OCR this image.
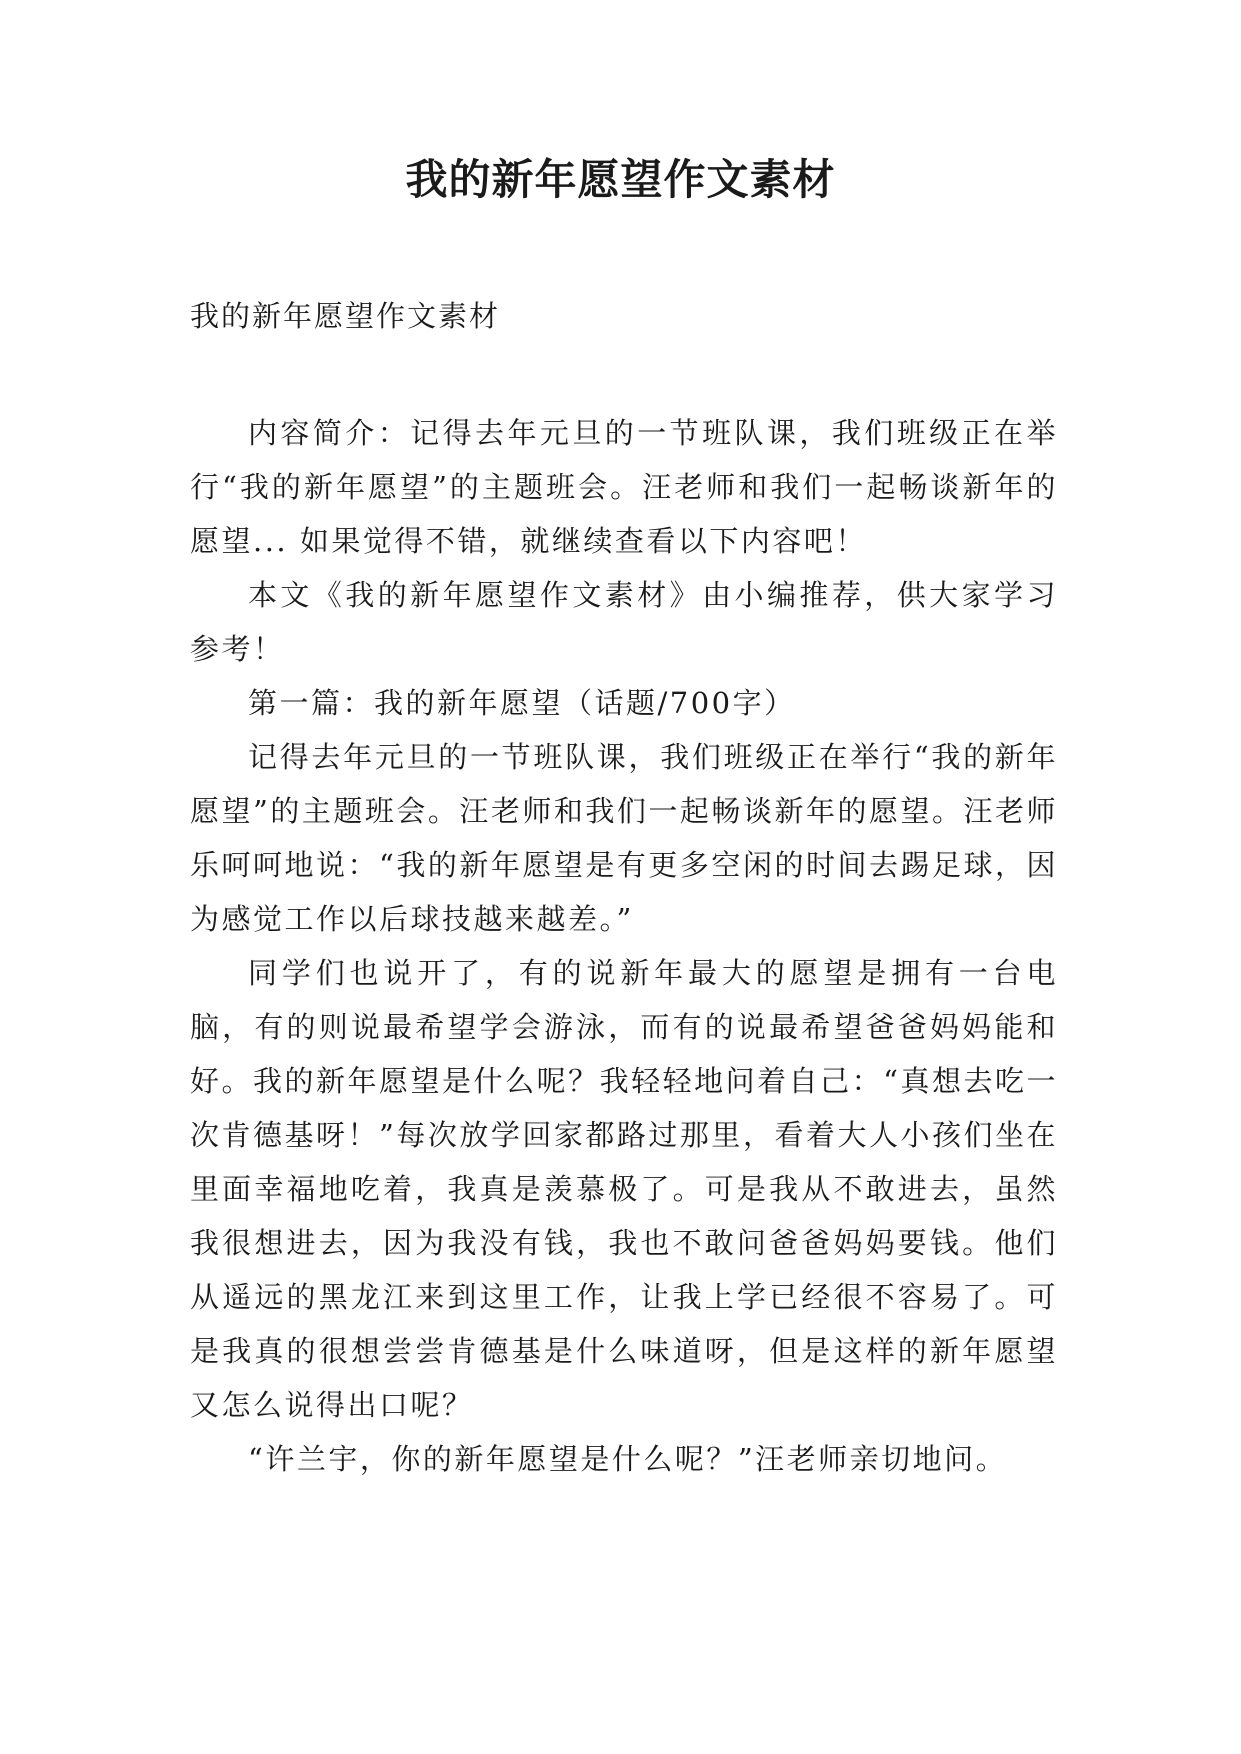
我的新年愿望作文素材
我的新年愿望作文素材

内容简介：记得去年元旦的一节班队课，我们班级正在举行“我的新年愿望”的主题班会。汪老师和我们一起畅谈新年的愿望... 如果觉得不错，就继续查看以下内容吧！

本文《我的新年愿望作文素材》由小编推荐，供大家学习参考！

第一篇：我的新年愿望（话题/700字）

记得去年元旦的一节班队课，我们班级正在举行“我的新年愿望”的主题班会。汪老师和我们一起畅谈新年的愿望。汪老师乐呵呵地说：“我的新年愿望是有更多空闲的时间去踢足球，因为感觉工作以后球技越来越差。”

同学们也说开了，有的说新年最大的愿望是拥有一台电脑，有的则说最希望学会游泳，而有的说最希望爸爸妈妈能和好。我的新年愿望是什么呢？我轻轻地问着自己：“真想去吃一次肯德基呀！”每次放学回家都路过那里，看着大人小孩们坐在里面幸福地吃着，我真是羡慕极了。可是我从不敢进去，虽然我很想进去，因为我没有钱，我也不敢问爸爸妈妈要钱。他们从遥远的黑龙江来到这里工作，让我上学已经很不容易了。可是我真的很想尝尝肯德基是什么味道呀，但是这样的新年愿望又怎么说得出口呢？

“许兰宇，你的新年愿望是什么呢？”汪老师亲切地问。
